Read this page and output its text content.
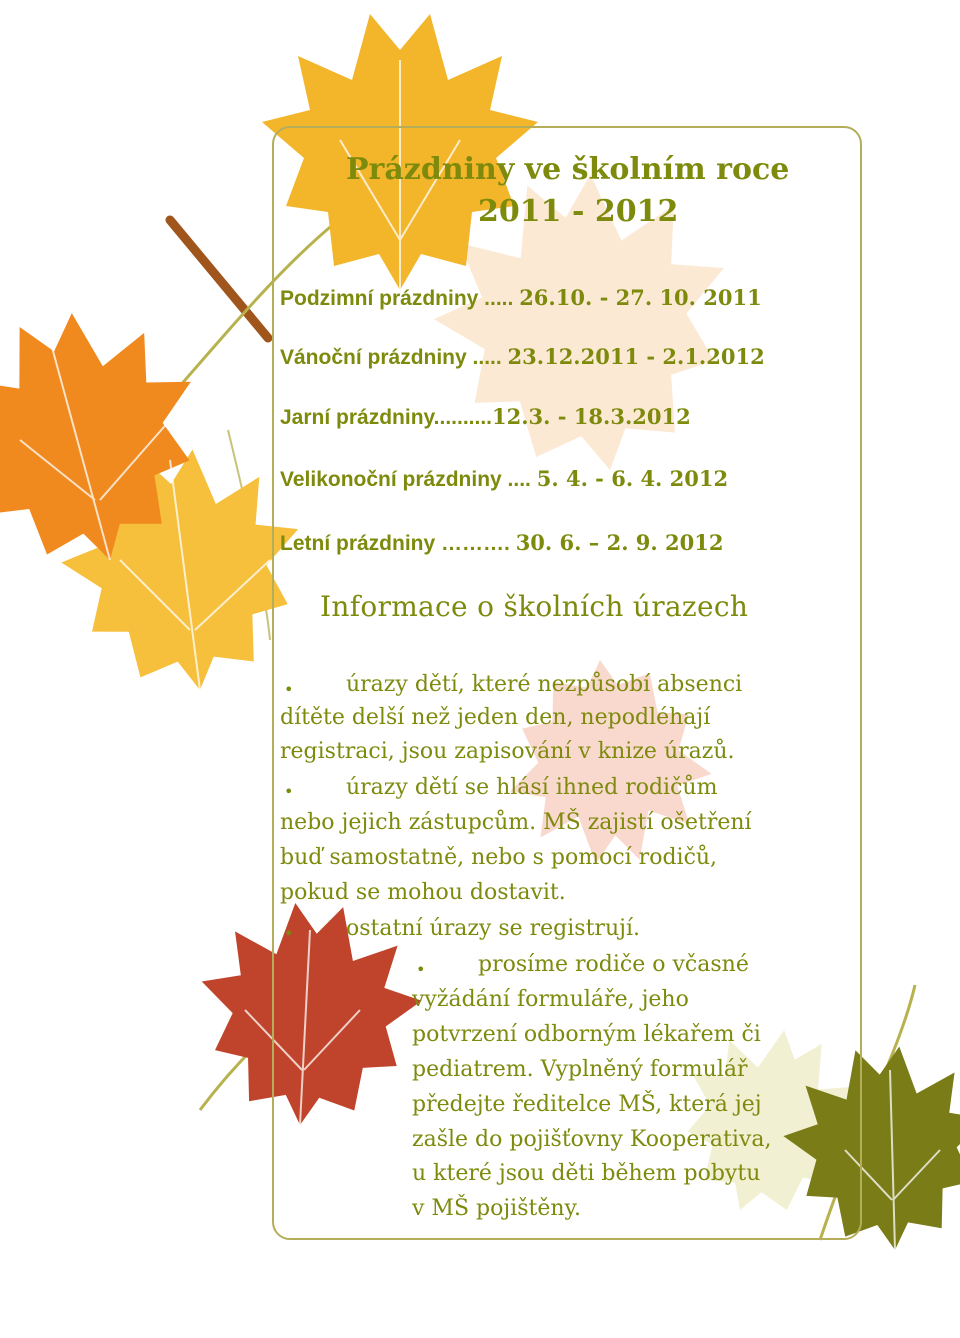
Prázdniny ve školním roce
2011 - 2012
Podzimní prázdniny ..... 26.10. - 27. 10. 2011
Vánoční prázdniny ..... 23.12.2011 - 2.1.2012
Jarní prázdniny..........12.3. - 18.3.2012
Velikonoční prázdniny .... 5. 4. - 6. 4. 2012
Letní prázdniny ………. 30. 6. – 2. 9. 2012
Informace o školních úrazech
• úrazy dětí, které nezpůsobí absenci
dítěte delší než jeden den, nepodléhají
registraci, jsou zapisování v knize úrazů.
• úrazy dětí se hlásí ihned rodičům
nebo jejich zástupcům. MŠ zajistí ošetření
buď samostatně, nebo s pomocí rodičů,
pokud se mohou dostavit.
• ostatní úrazy se registrují.
• prosíme rodiče o včasné
vyžádání formuláře, jeho
potvrzení odborným lékařem či
pediatrem. Vyplněný formulář
předejte ředitelce MŠ, která jej
zašle do pojišťovny Kooperativa,
u které jsou děti během pobytu
v MŠ pojištěny.
